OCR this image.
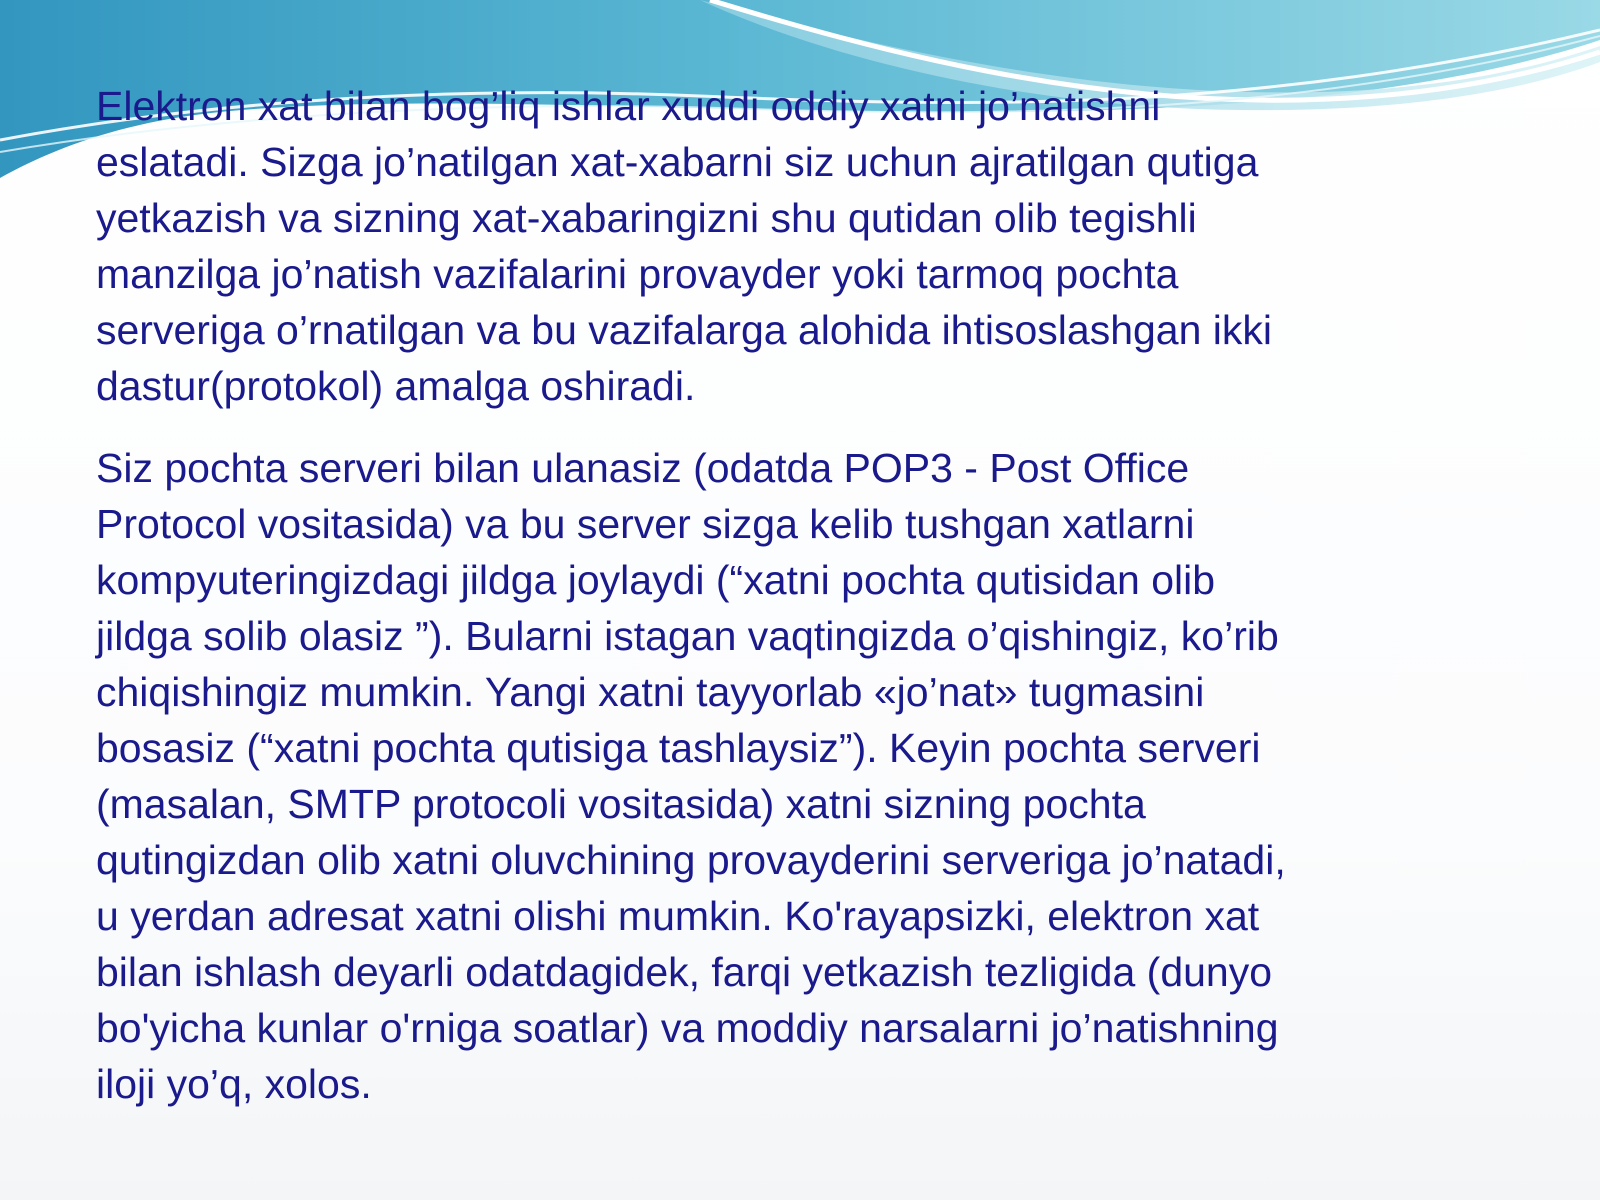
Elektron xat bilan bog’liq ishlar xuddi oddiy xatni jo’natishni
eslatadi. Sizga jo’natilgan xat-xabarni siz uchun ajratilgan qutiga
yetkazish va sizning xat-xabaringizni shu qutidan olib tegishli
manzilga jo’natish vazifalarini provayder yoki tarmoq pochta
serveriga o’rnatilgan va bu vazifalarga alohida ihtisoslashgan ikki
dastur(protokol) amalga oshiradi.

Siz pochta serveri bilan ulanasiz (odatda POP3 - Post Office
Protocol vositasida) va bu server sizga kelib tushgan xatlarni
kompyuteringizdagi jildga joylaydi (“xatni pochta qutisidan olib
jildga solib olasiz ”). Bularni istagan vaqtingizda o’qishingiz, ko’rib
chiqishingiz mumkin. Yangi xatni tayyorlab «jo’nat» tugmasini
bosasiz (“xatni pochta qutisiga tashlaysiz”). Keyin pochta serveri
(masalan, SMTP protocoli vositasida) xatni sizning pochta
qutingizdan olib xatni oluvchining provayderini serveriga jo’natadi,
u yerdan adresat xatni olishi mumkin. Ko'rayapsizki, elektron xat
bilan ishlash deyarli odatdagidek, farqi yetkazish tezligida (dunyo
bo'yicha kunlar o'rniga soatlar) va moddiy narsalarni jo’natishning
iloji yo’q, xolos.
